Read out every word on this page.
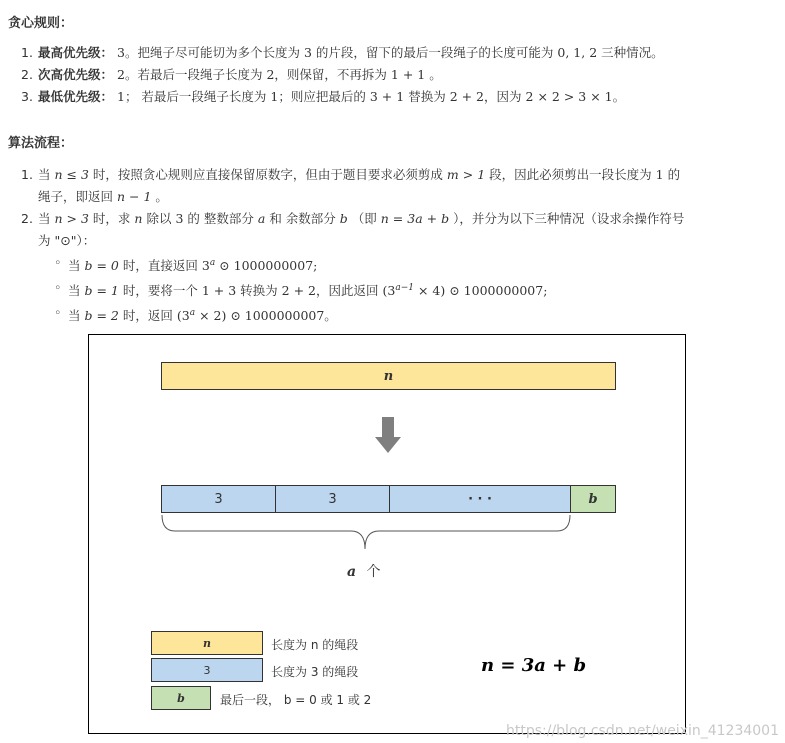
贪心规则：
1. 最高优先级： 3。把绳子尽可能切为多个长度为 3 的片段，留下的最后一段绳子的长度可能为 0, 1, 2 三种情况。
2. 次高优先级： 2。若最后一段绳子长度为 2，则保留，不再拆为 1 + 1 。
3. 最低优先级： 1； 若最后一段绳子长度为 1；则应把最后的 3 + 1 替换为 2 + 2，因为 2 × 2 > 3 × 1。
算法流程：
1. 当 n ≤ 3 时，按照贪心规则应直接保留原数字，但由于题目要求必须剪成 m > 1 段，因此必须剪出一段长度为 1 的
绳子，即返回 n − 1 。
2. 当 n > 3 时，求 n 除以 3 的 整数部分 a 和 余数部分 b （即 n = 3a + b ），并分为以下三种情况（设求余操作符号
为 "⊙"）：
◦ 当 b = 0 时，直接返回 3$^a$ ⊙ 1000000007;
◦ 当 b = 1 时，要将一个 1 + 3 转换为 2 + 2，因此返回 $(3^{a-1} \times 4)$ ⊙ 1000000007;
◦ 当 b = 2 时，返回 $(3^a \times 2)$ ⊙ 1000000007。
n
3	3	· · ·	b
a 个
n	长度为 n 的绳段
3	长度为 3 的绳段
b	最后一段， b = 0 或 1 或 2
n = 3a + b
https://blog.csdn.net/weixin_41234001
